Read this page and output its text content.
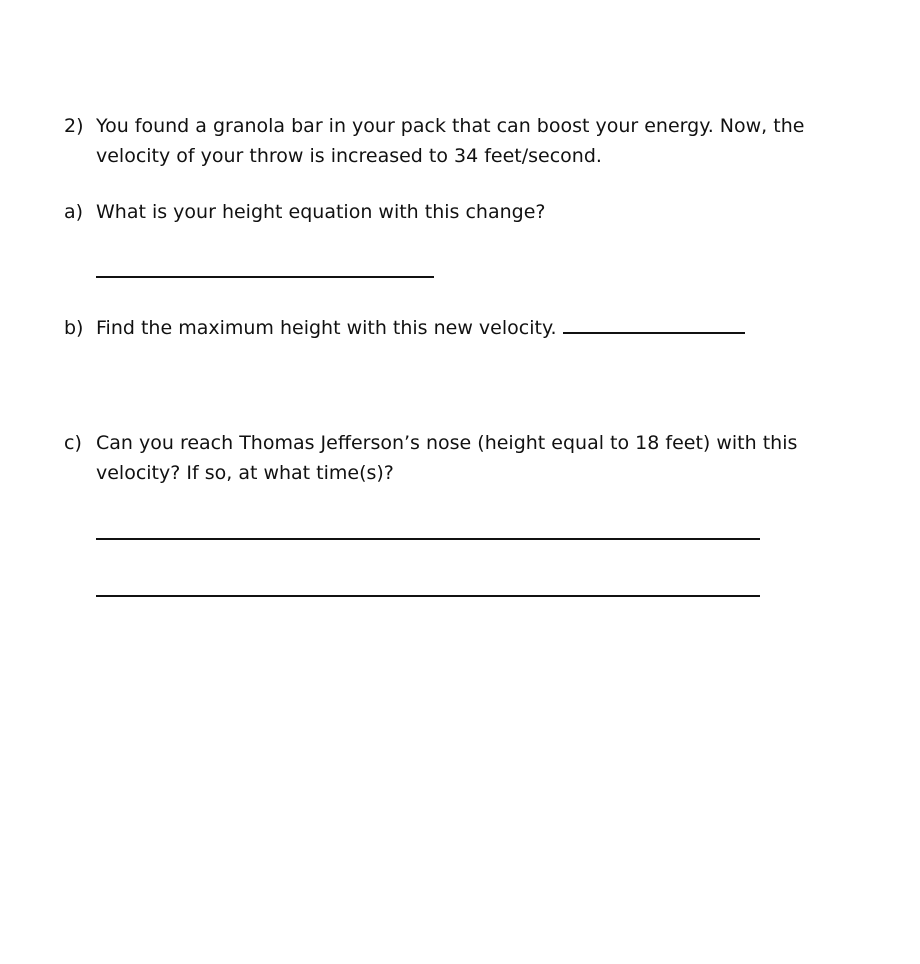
2) You found a granola bar in your pack that can boost your energy. Now, the velocity of your throw is increased to 34 feet/second.
a) What is your height equation with this change?
b) Find the maximum height with this new velocity.
c) Can you reach Thomas Jefferson’s nose (height equal to 18 feet) with this velocity? If so, at what time(s)?
